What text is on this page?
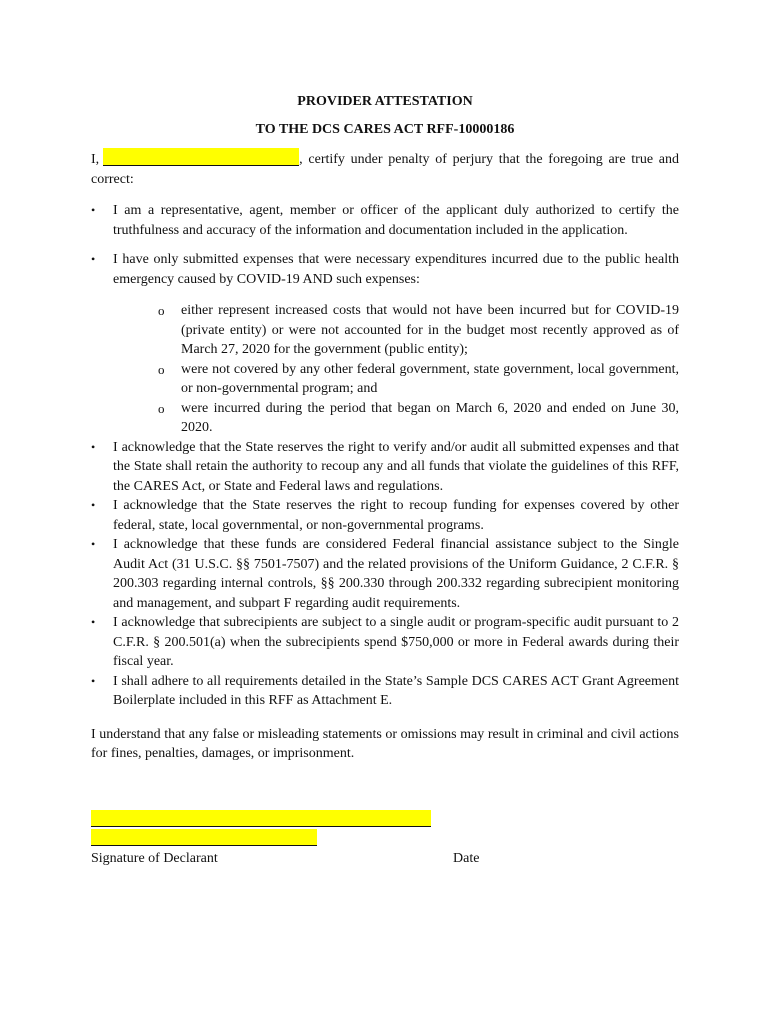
PROVIDER ATTESTATION

TO THE DCS CARES ACT RFF-10000186

I,	, certify under penalty of perjury that the foregoing are true and correct:

•	I am a representative, agent, member or officer of the applicant duly authorized to certify the truthfulness and accuracy of the information and documentation included in the application.
•	I have only submitted expenses that were necessary expenditures incurred due to the public health emergency caused by COVID-19 AND such expenses:
o either represent increased costs that would not have been incurred but for COVID-19 (private entity) or were not accounted for in the budget most recently approved as of March 27, 2020 for the government (public entity);
o were not covered by any other federal government, state government, local government, or non-governmental program; and
o were incurred during the period that began on March 6, 2020 and ended on June 30, 2020.
•	I acknowledge that the State reserves the right to verify and/or audit all submitted expenses and that the State shall retain the authority to recoup any and all funds that violate the guidelines of this RFF, the CARES Act, or State and Federal laws and regulations.
•	I acknowledge that the State reserves the right to recoup funding for expenses covered by other federal, state, local governmental, or non-governmental programs.
•	I acknowledge that these funds are considered Federal financial assistance subject to the Single Audit Act (31 U.S.C. §§ 7501-7507) and the related provisions of the Uniform Guidance, 2 C.F.R. § 200.303 regarding internal controls, §§ 200.330 through 200.332 regarding subrecipient monitoring and management, and subpart F regarding audit requirements.
•	I acknowledge that subrecipients are subject to a single audit or program-specific audit pursuant to 2 C.F.R. § 200.501(a) when the subrecipients spend $750,000 or more in Federal awards during their fiscal year.
•	I shall adhere to all requirements detailed in the State’s Sample DCS CARES ACT Grant Agreement Boilerplate included in this RFF as Attachment E.

I understand that any false or misleading statements or omissions may result in criminal and civil actions for fines, penalties, damages, or imprisonment.

Signature of Declarant	Date
